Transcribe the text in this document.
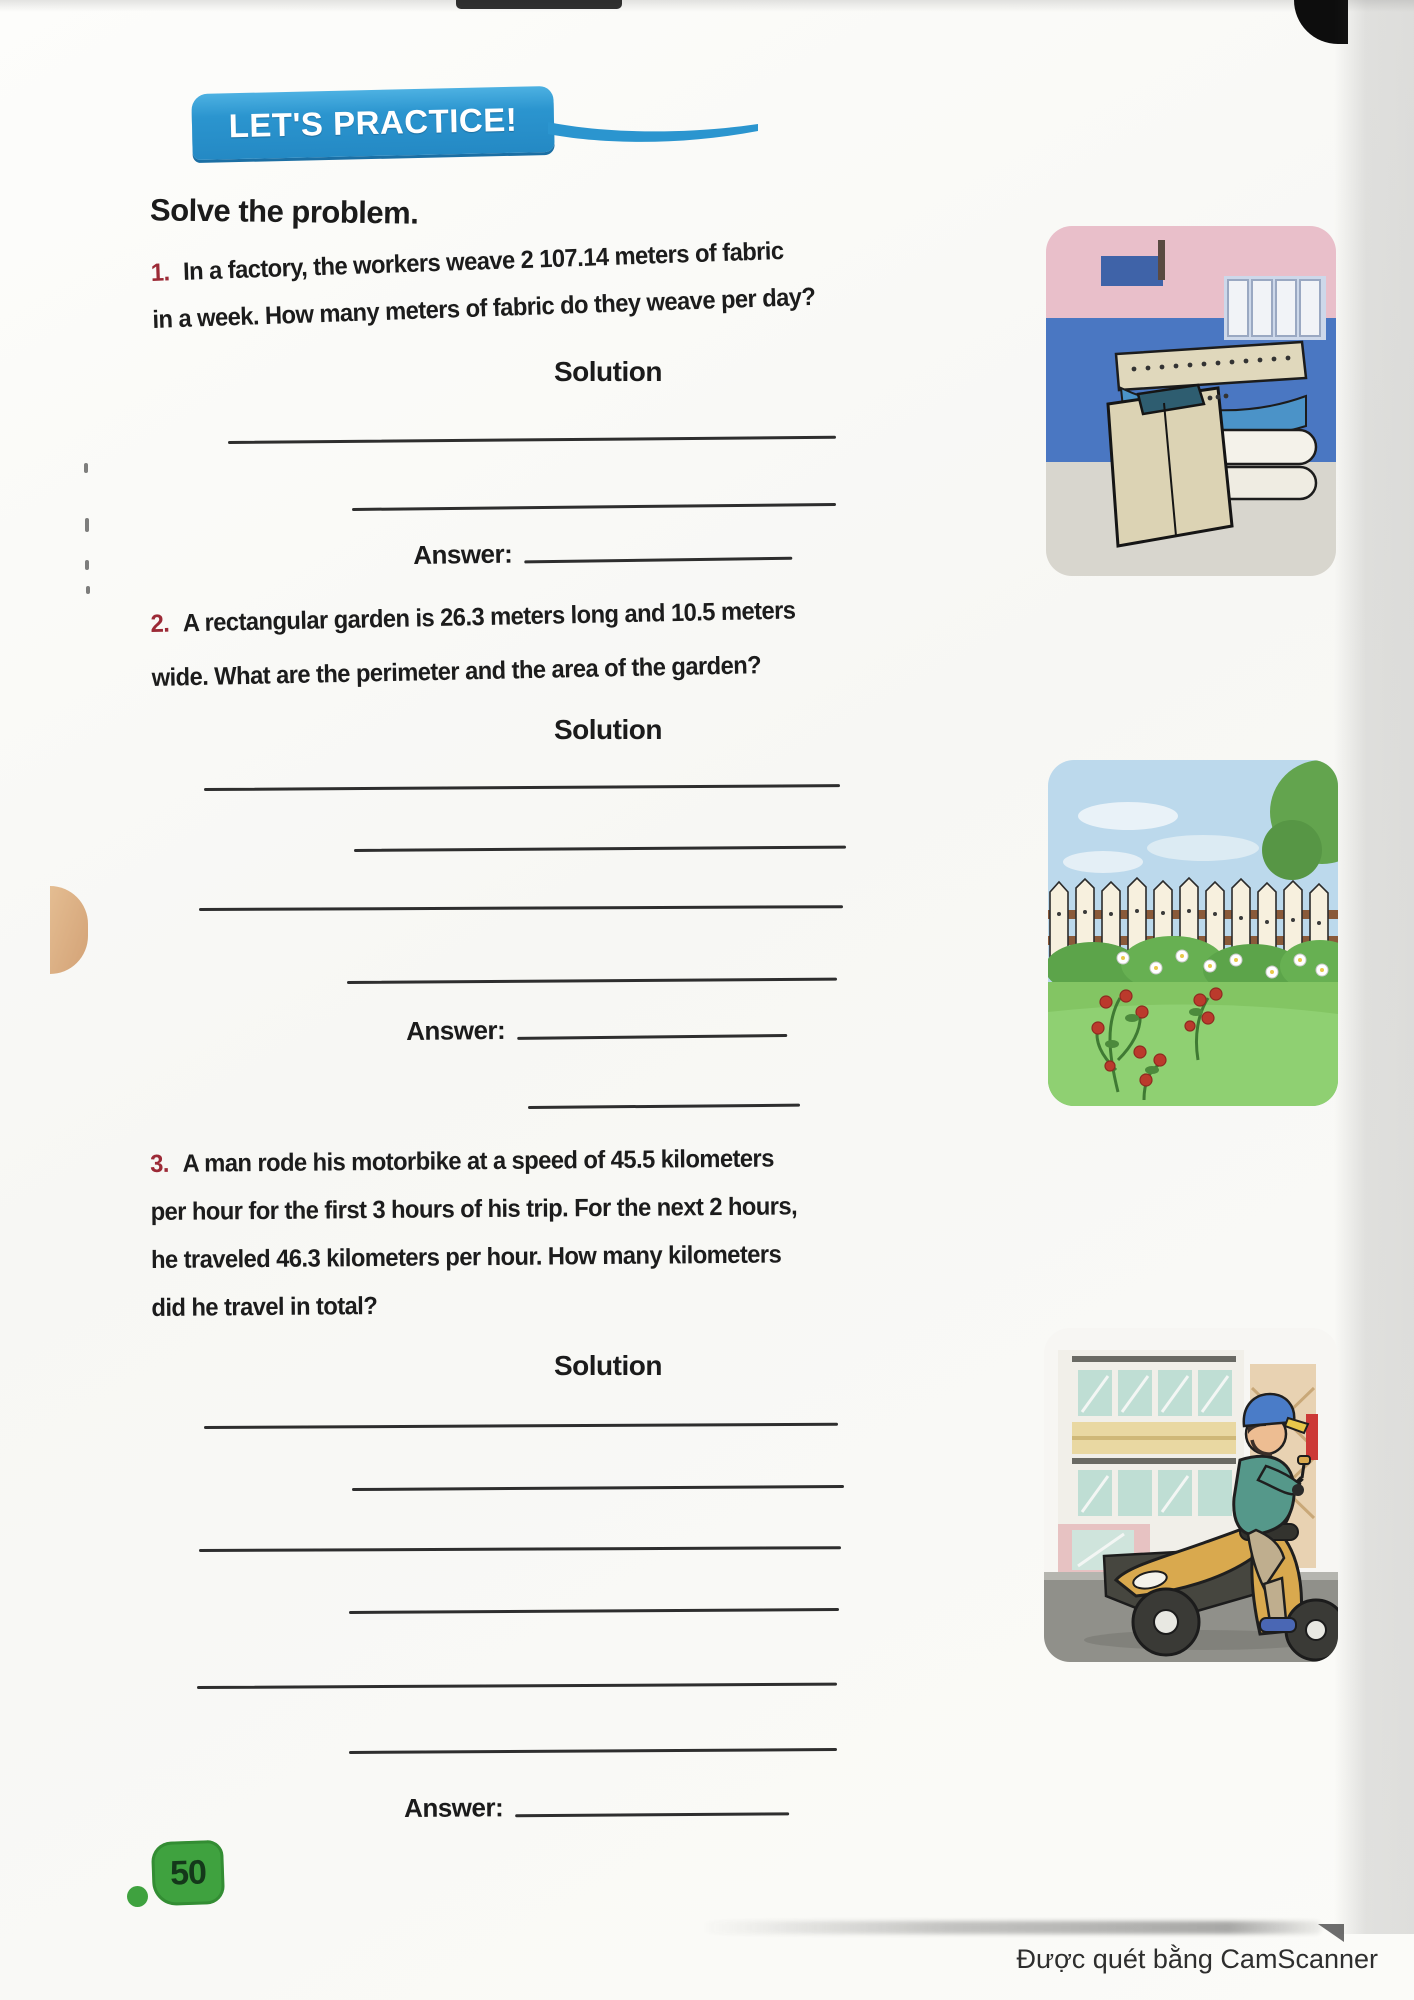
LET'S PRACTICE!
Solve the problem.
1. In a factory, the workers weave 2 107.14 meters of fabric
in a week. How many meters of fabric do they weave per day?
Solution
Answer:
2. A rectangular garden is 26.3 meters long and 10.5 meters
wide. What are the perimeter and the area of the garden?
Solution
Answer:
3. A man rode his motorbike at a speed of 45.5 kilometers
per hour for the first 3 hours of his trip. For the next 2 hours,
he traveled 46.3 kilometers per hour. How many kilometers
did he travel in total?
Solution
Answer:
50
Được quét bằng CamScanner
